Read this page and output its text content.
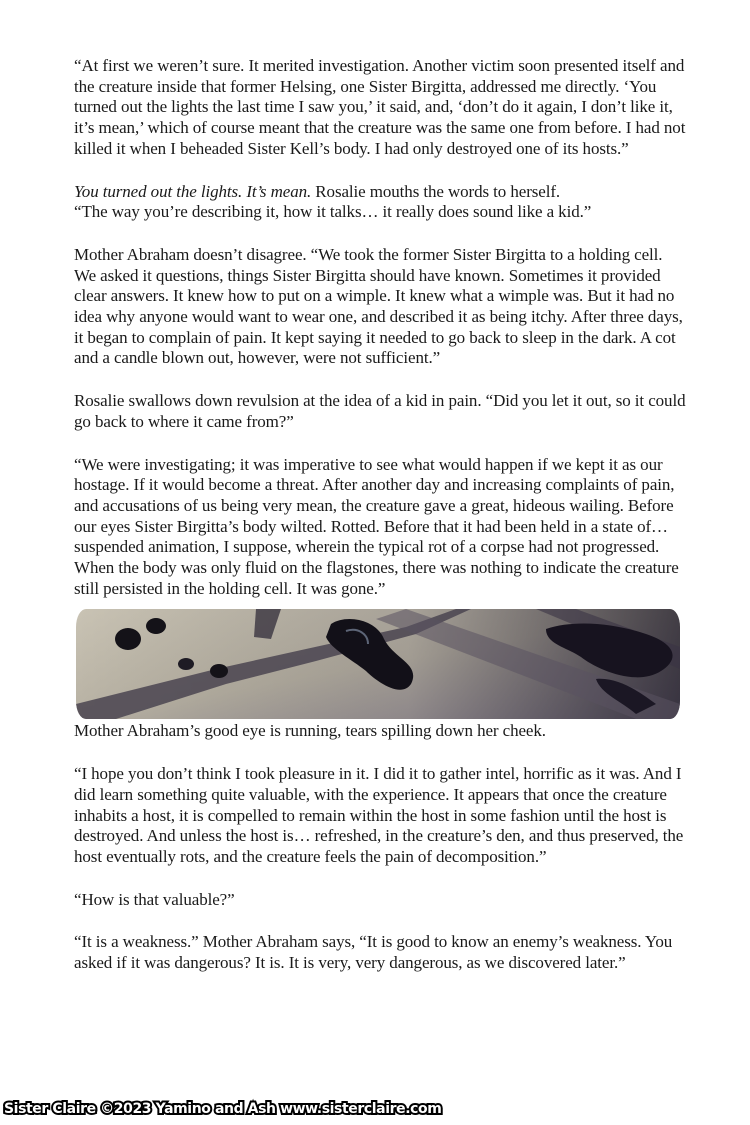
“At first we weren’t sure. It merited investigation. Another victim soon presented itself and the creature inside that former Helsing, one Sister Birgitta, addressed me directly. ‘You turned out the lights the last time I saw you,’ it said, and, ‘don’t do it again, I don’t like it, it’s mean,’ which of course meant that the creature was the same one from before. I had not killed it when I beheaded Sister Kell’s body. I had only destroyed one of its hosts.”

You turned out the lights. It’s mean. Rosalie mouths the words to herself.
“The way you’re describing it, how it talks… it really does sound like a kid.”

Mother Abraham doesn’t disagree. “We took the former Sister Birgitta to a holding cell. We asked it questions, things Sister Birgitta should have known. Sometimes it provided clear answers. It knew how to put on a wimple. It knew what a wimple was. But it had no idea why anyone would want to wear one, and described it as being itchy. After three days, it began to complain of pain. It kept saying it needed to go back to sleep in the dark. A cot and a candle blown out, however, were not sufficient.”

Rosalie swallows down revulsion at the idea of a kid in pain. “Did you let it out, so it could go back to where it came from?”

“We were investigating; it was imperative to see what would happen if we kept it as our hostage. If it would become a threat. After another day and increasing complaints of pain, and accusations of us being very mean, the creature gave a great, hideous wailing. Before our eyes Sister Birgitta’s body wilted. Rotted. Before that it had been held in a state of… suspended animation, I suppose, wherein the typical rot of a corpse had not progressed. When the body was only fluid on the flagstones, there was nothing to indicate the creature still persisted in the holding cell. It was gone.”

Mother Abraham’s good eye is running, tears spilling down her cheek.

“I hope you don’t think I took pleasure in it. I did it to gather intel, horrific as it was. And I did learn something quite valuable, with the experience. It appears that once the creature inhabits a host, it is compelled to remain within the host in some fashion until the host is destroyed. And unless the host is… refreshed, in the creature’s den, and thus preserved, the host eventually rots, and the creature feels the pain of decomposition.”

“How is that valuable?”

“It is a weakness.” Mother Abraham says, “It is good to know an enemy’s weakness. You asked if it was dangerous? It is. It is very, very dangerous, as we discovered later.”

Sister Claire ©2023 Yamino and Ash www.sisterclaire.com
